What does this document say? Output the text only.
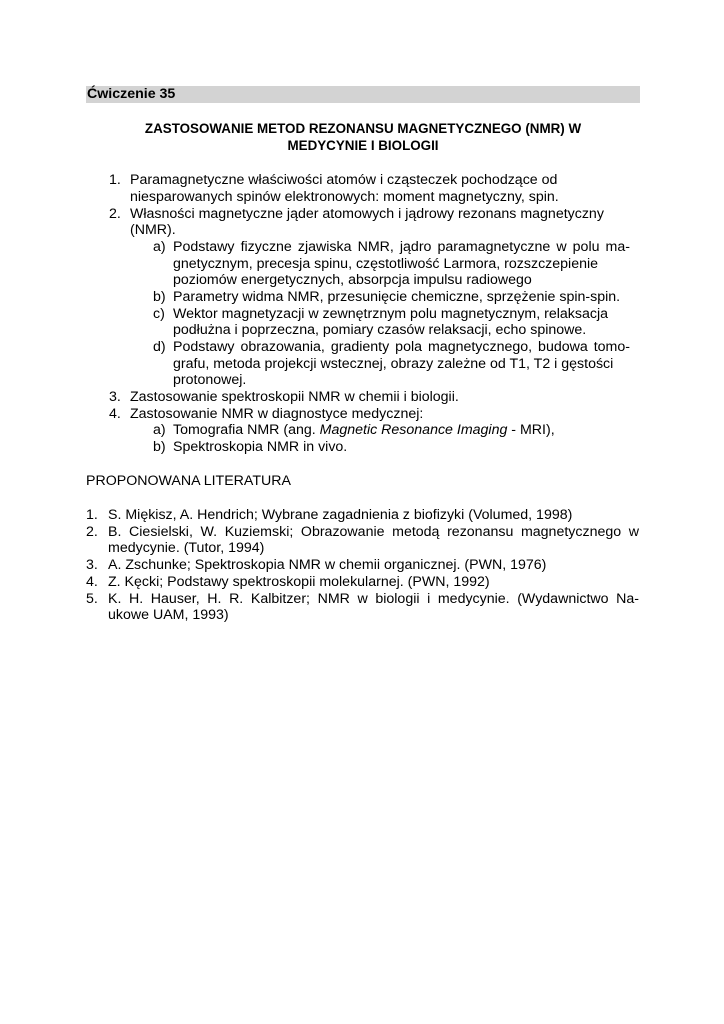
Ćwiczenie 35
ZASTOSOWANIE METOD REZONANSU MAGNETYCZNEGO (NMR) W
MEDYCYNIE I BIOLOGII
1. Paramagnetyczne właściwości atomów i cząsteczek pochodzące od
niesparowanych spinów elektronowych: moment magnetyczny, spin.
2. Własności magnetyczne jąder atomowych i jądrowy rezonans magnetyczny
(NMR).
a) Podstawy fizyczne zjawiska NMR, jądro paramagnetyczne w polu ma-
gnetycznym, precesja spinu, częstotliwość Larmora, rozszczepienie
poziomów energetycznych, absorpcja impulsu radiowego
b) Parametry widma NMR, przesunięcie chemiczne, sprzężenie spin-spin.
c) Wektor magnetyzacji w zewnętrznym polu magnetycznym, relaksacja
podłużna i poprzeczna, pomiary czasów relaksacji, echo spinowe.
d) Podstawy obrazowania, gradienty pola magnetycznego, budowa tomo-
grafu, metoda projekcji wstecznej, obrazy zależne od T1, T2 i gęstości
protonowej.
3. Zastosowanie spektroskopii NMR w chemii i biologii.
4. Zastosowanie NMR w diagnostyce medycznej:
a) Tomografia NMR (ang. Magnetic Resonance Imaging - MRI),
b) Spektroskopia NMR in vivo.
PROPONOWANA LITERATURA
1. S. Miękisz, A. Hendrich; Wybrane zagadnienia z biofizyki (Volumed, 1998)
2. B. Ciesielski, W. Kuziemski; Obrazowanie metodą rezonansu magnetycznego w
medycynie. (Tutor, 1994)
3. A. Zschunke; Spektroskopia NMR w chemii organicznej. (PWN, 1976)
4. Z. Kęcki; Podstawy spektroskopii molekularnej. (PWN, 1992)
5. K. H. Hauser, H. R. Kalbitzer; NMR w biologii i medycynie. (Wydawnictwo Na-
ukowe UAM, 1993)
